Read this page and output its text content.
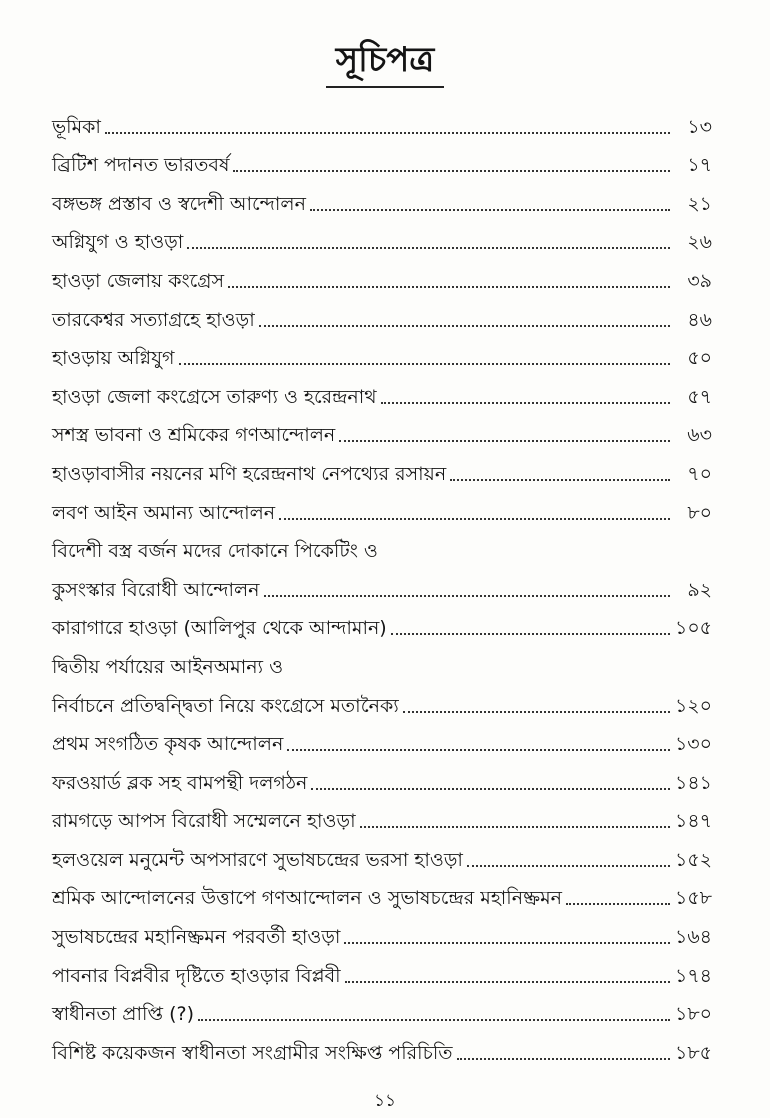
সূচিপত্র
ভূমিকা	১৩
ব্রিটিশ পদানত ভারতবর্ষ	১৭
বঙ্গভঙ্গ প্রস্তাব ও স্বদেশী আন্দোলন	২১
অগ্নিযুগ ও হাওড়া	২৬
হাওড়া জেলায় কংগ্রেস	৩৯
তারকেশ্বর সত্যাগ্রহে হাওড়া	৪৬
হাওড়ায় অগ্নিযুগ	৫০
হাওড়া জেলা কংগ্রেসে তারুণ্য ও হরেন্দ্রনাথ	৫৭
সশস্ত্র ভাবনা ও শ্রমিকের গণআন্দোলন	৬৩
হাওড়াবাসীর নয়নের মণি হরেন্দ্রনাথ নেপথ্যের রসায়ন	৭০
লবণ আইন অমান্য আন্দোলন	৮০
বিদেশী বস্ত্র বর্জন মদের দোকানে পিকেটিং ও
কুসংস্কার বিরোধী আন্দোলন	৯২
কারাগারে হাওড়া (আলিপুর থেকে আন্দামান)	১০৫
দ্বিতীয় পর্যায়ের আইনঅমান্য ও
নির্বাচনে প্রতিদ্বন্দ্বিতা নিয়ে কংগ্রেসে মতানৈক্য	১২০
প্রথম সংগঠিত কৃষক আন্দোলন	১৩০
ফরওয়ার্ড ব্লক সহ বামপন্থী দলগঠন	১৪১
রামগড়ে আপস বিরোধী সম্মেলনে হাওড়া	১৪৭
হলওয়েল মনুমেন্ট অপসারণে সুভাষচন্দ্রের ভরসা হাওড়া	১৫২
শ্রমিক আন্দোলনের উত্তাপে গণআন্দোলন ও সুভাষচন্দ্রের মহানিষ্ক্রমন	১৫৮
সুভাষচন্দ্রের মহানিষ্ক্রমন পরবর্তী হাওড়া	১৬৪
পাবনার বিপ্লবীর দৃষ্টিতে হাওড়ার বিপ্লবী	১৭৪
স্বাধীনতা প্রাপ্তি (?)	১৮০
বিশিষ্ট কয়েকজন স্বাধীনতা সংগ্রামীর সংক্ষিপ্ত পরিচিতি	১৮৫
১১
